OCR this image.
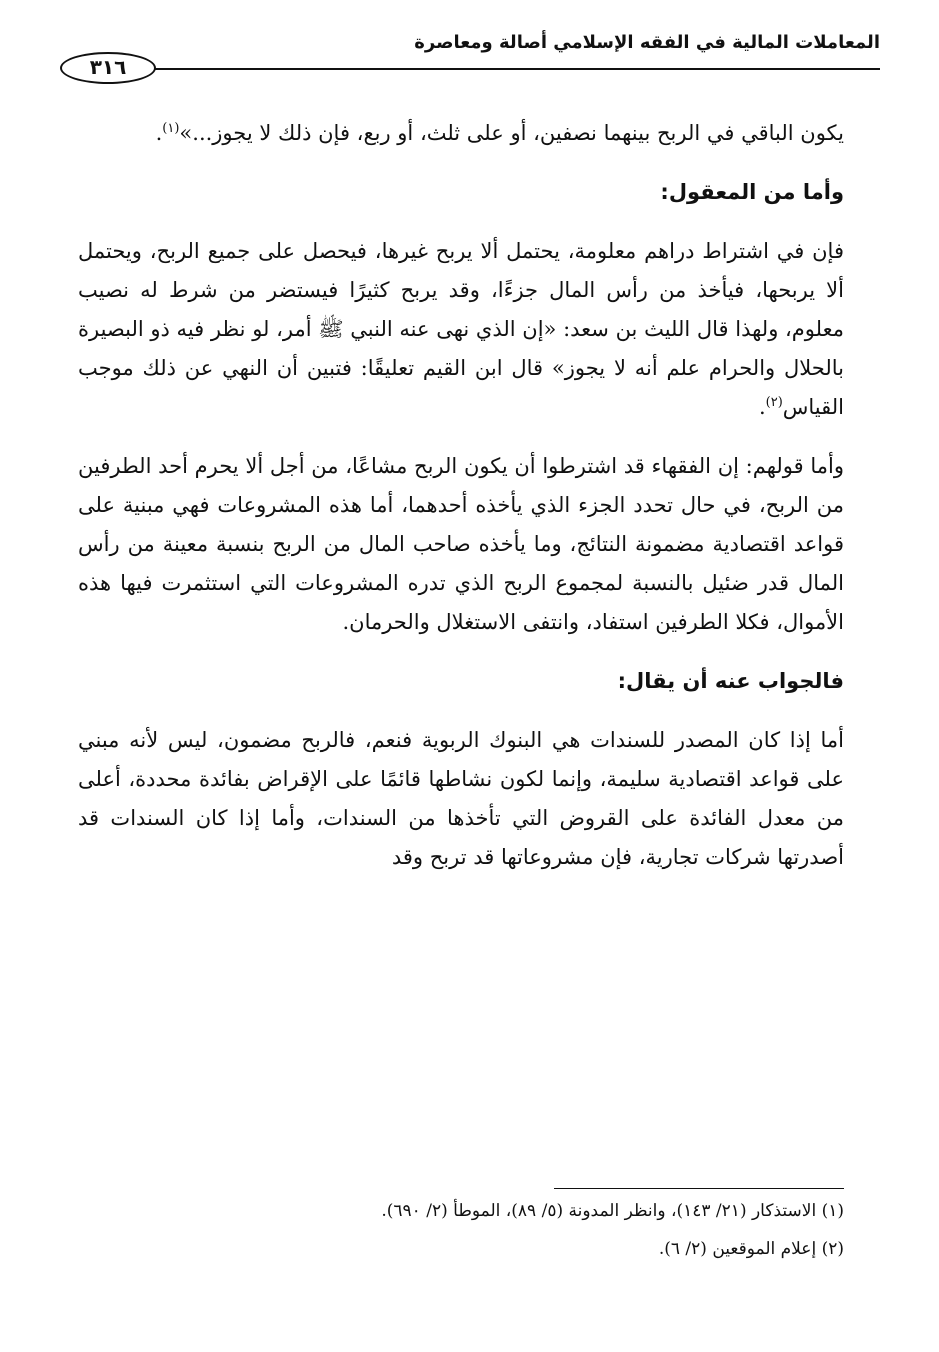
المعاملات المالية في الفقه الإسلامي أصالة ومعاصرة
٣١٦

يكون الباقي في الربح بينهما نصفين، أو على ثلث، أو ربع، فإن ذلك لا يجوز...»$^{(١)}$.

وأما من المعقول:

فإن في اشتراط دراهم معلومة، يحتمل ألا يربح غيرها، فيحصل على جميع الربح، ويحتمل ألا يربحها، فيأخذ من رأس المال جزءًا، وقد يربح كثيرًا فيستضر من شرط له نصيب معلوم، ولهذا قال الليث بن سعد: «إن الذي نهى عنه النبي ﷺ أمر، لو نظر فيه ذو البصيرة بالحلال والحرام علم أنه لا يجوز» قال ابن القيم تعليقًا: فتبين أن النهي عن ذلك موجب القياس$^{(٢)}$.

وأما قولهم: إن الفقهاء قد اشترطوا أن يكون الربح مشاعًا، من أجل ألا يحرم أحد الطرفين من الربح، في حال تحدد الجزء الذي يأخذه أحدهما، أما هذه المشروعات فهي مبنية على قواعد اقتصادية مضمونة النتائج، وما يأخذه صاحب المال من الربح بنسبة معينة من رأس المال قدر ضئيل بالنسبة لمجموع الربح الذي تدره المشروعات التي استثمرت فيها هذه الأموال، فكلا الطرفين استفاد، وانتفى الاستغلال والحرمان.

فالجواب عنه أن يقال:

أما إذا كان المصدر للسندات هي البنوك الربوية فنعم، فالربح مضمون، ليس لأنه مبني على قواعد اقتصادية سليمة، وإنما لكون نشاطها قائمًا على الإقراض بفائدة محددة، أعلى من معدل الفائدة على القروض التي تأخذها من السندات، وأما إذا كان السندات قد أصدرتها شركات تجارية، فإن مشروعاتها قد تربح وقد

(١) الاستذكار (٢١/ ١٤٣)، وانظر المدونة (٥/ ٨٩)، الموطأ (٢/ ٦٩٠).

(٢) إعلام الموقعين (٢/ ٦).
